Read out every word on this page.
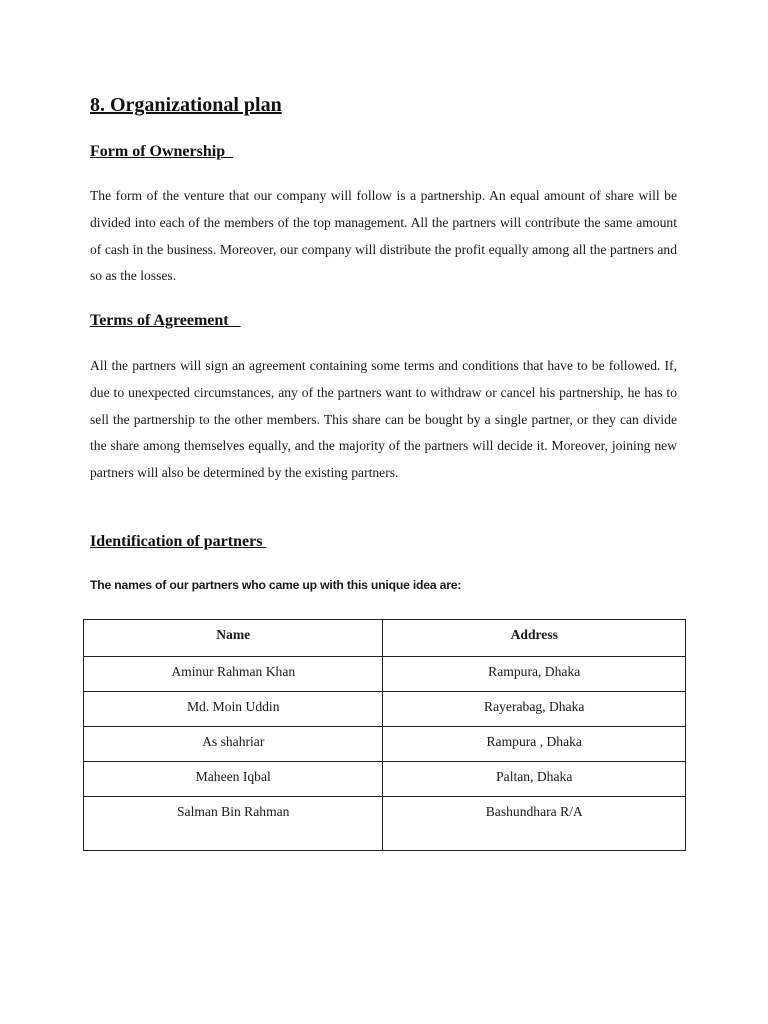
8. Organizational plan
Form of Ownership

The form of the venture that our company will follow is a partnership. An equal amount of share will be divided into each of the members of the top management. All the partners will contribute the same amount of cash in the business. Moreover, our company will distribute the profit equally among all the partners and so as the losses.

Terms of Agreement

All the partners will sign an agreement containing some terms and conditions that have to be followed. If, due to unexpected circumstances, any of the partners want to withdraw or cancel his partnership, he has to sell the partnership to the other members. This share can be bought by a single partner, or they can divide the share among themselves equally, and the majority of the partners will decide it. Moreover, joining new partners will also be determined by the existing partners.

Identification of partners

The names of our partners who came up with this unique idea are:

Name	Address
Aminur Rahman Khan	Rampura, Dhaka
Md. Moin Uddin	Rayerabag, Dhaka
As shahriar	Rampura , Dhaka
Maheen Iqbal	Paltan, Dhaka
Salman Bin Rahman	Bashundhara R/A
